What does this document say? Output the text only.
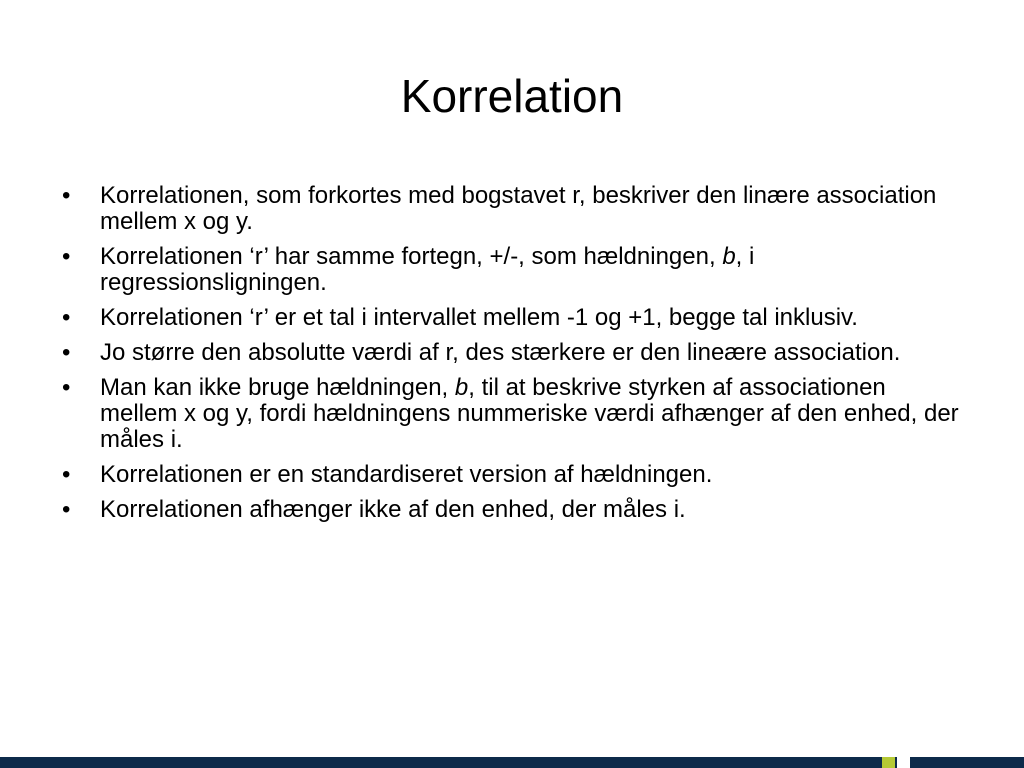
Korrelation
• Korrelationen, som forkortes med bogstavet r, beskriver den linære association mellem x og y.
• Korrelationen ‘r’ har samme fortegn, +/-, som hældningen, b, i regressionsligningen.
• Korrelationen ‘r’ er et tal i intervallet mellem -1 og +1, begge tal inklusiv.
• Jo større den absolutte værdi af r, des stærkere er den lineære association.
• Man kan ikke bruge hældningen, b, til at beskrive styrken af associationen mellem x og y, fordi hældningens nummeriske værdi afhænger af den enhed, der måles i.
• Korrelationen er en standardiseret version af hældningen.
• Korrelationen afhænger ikke af den enhed, der måles i.
